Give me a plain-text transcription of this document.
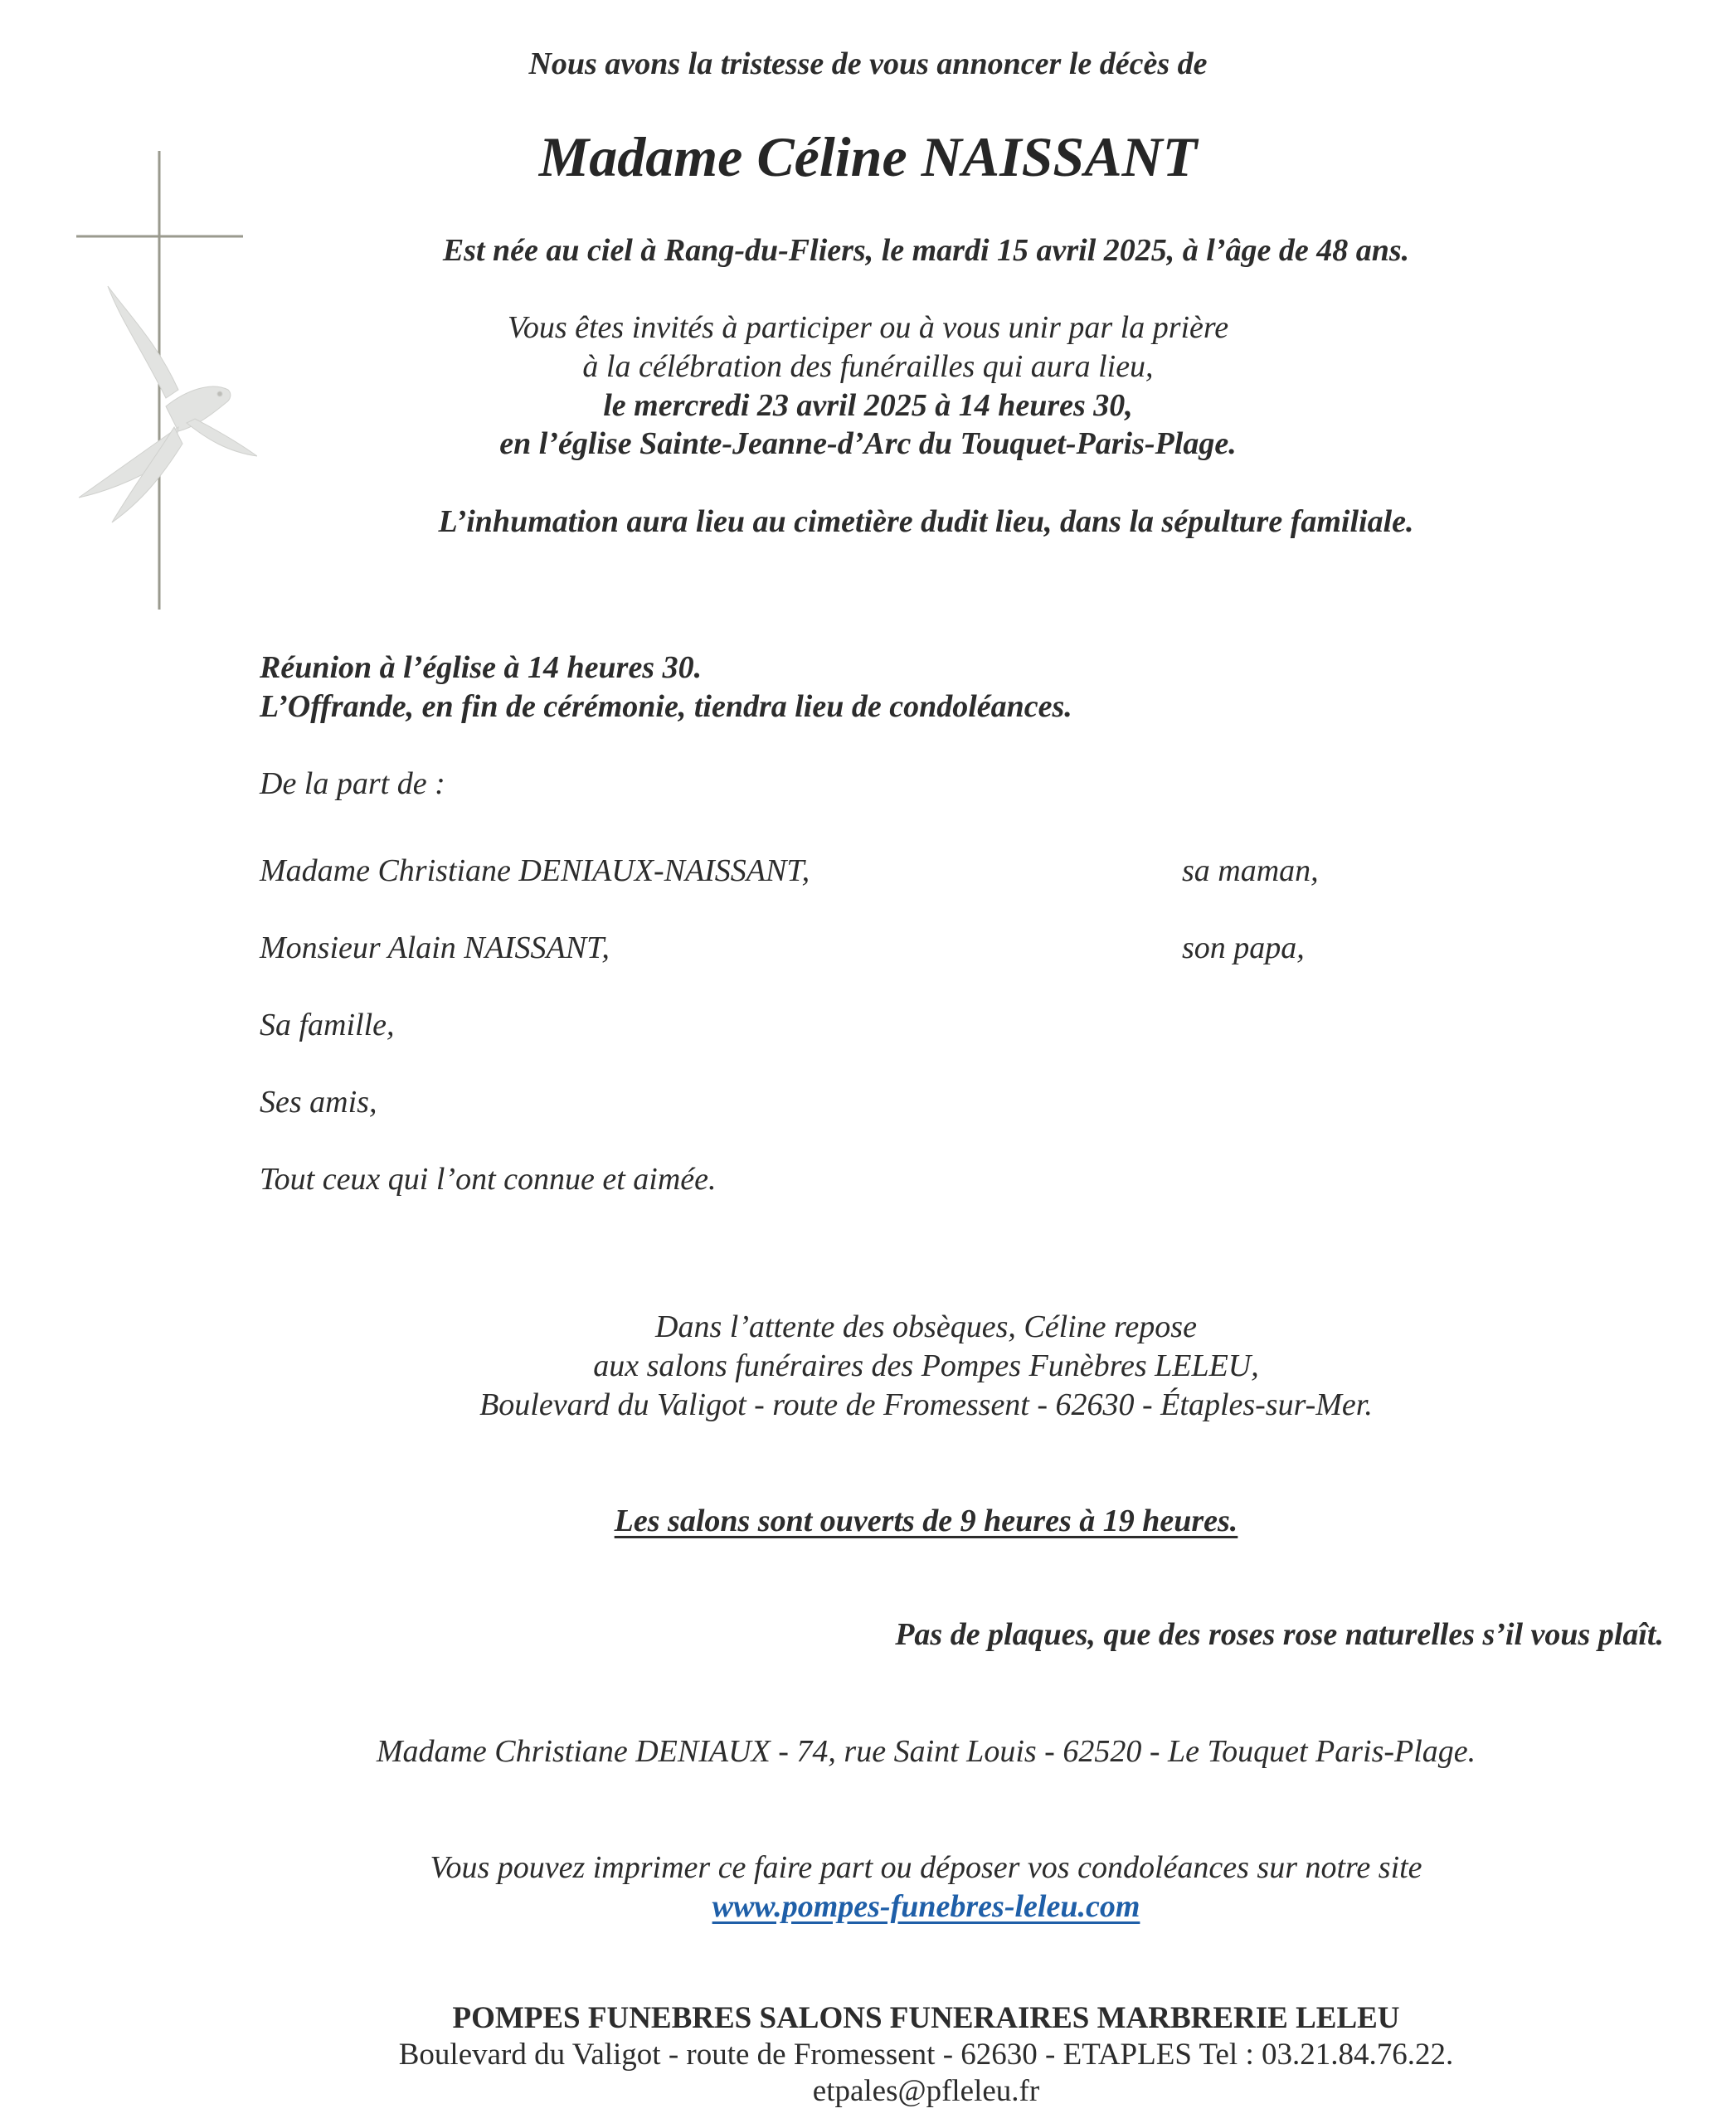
Nous avons la tristesse de vous annoncer le décès de
Madame Céline NAISSANT
Est née au ciel à Rang-du-Fliers, le mardi 15 avril 2025, à l’âge de 48 ans.
Vous êtes invités à participer ou à vous unir par la prière
à la célébration des funérailles qui aura lieu,
le mercredi 23 avril 2025 à 14 heures 30,
en l’église Sainte-Jeanne-d’Arc du Touquet-Paris-Plage.
L’inhumation aura lieu au cimetière dudit lieu, dans la sépulture familiale.
Réunion à l’église à 14 heures 30.
L’Offrande, en fin de cérémonie, tiendra lieu de condoléances.
De la part de :
Madame Christiane DENIAUX-NAISSANT,	sa maman,
Monsieur Alain NAISSANT,	son papa,
Sa famille,
Ses amis,
Tout ceux qui l’ont connue et aimée.
Dans l’attente des obsèques, Céline repose
aux salons funéraires des Pompes Funèbres LELEU,
Boulevard du Valigot - route de Fromessent - 62630 - Étaples-sur-Mer.
Les salons sont ouverts de 9 heures à 19 heures.
Pas de plaques, que des roses rose naturelles s’il vous plaît.
Madame Christiane DENIAUX - 74, rue Saint Louis - 62520 - Le Touquet Paris-Plage.
Vous pouvez imprimer ce faire part ou déposer vos condoléances sur notre site
www.pompes-funebres-leleu.com
POMPES FUNEBRES SALONS FUNERAIRES MARBRERIE LELEU
Boulevard du Valigot - route de Fromessent - 62630 - ETAPLES Tel : 03.21.84.76.22.
etpales@pfleleu.fr
